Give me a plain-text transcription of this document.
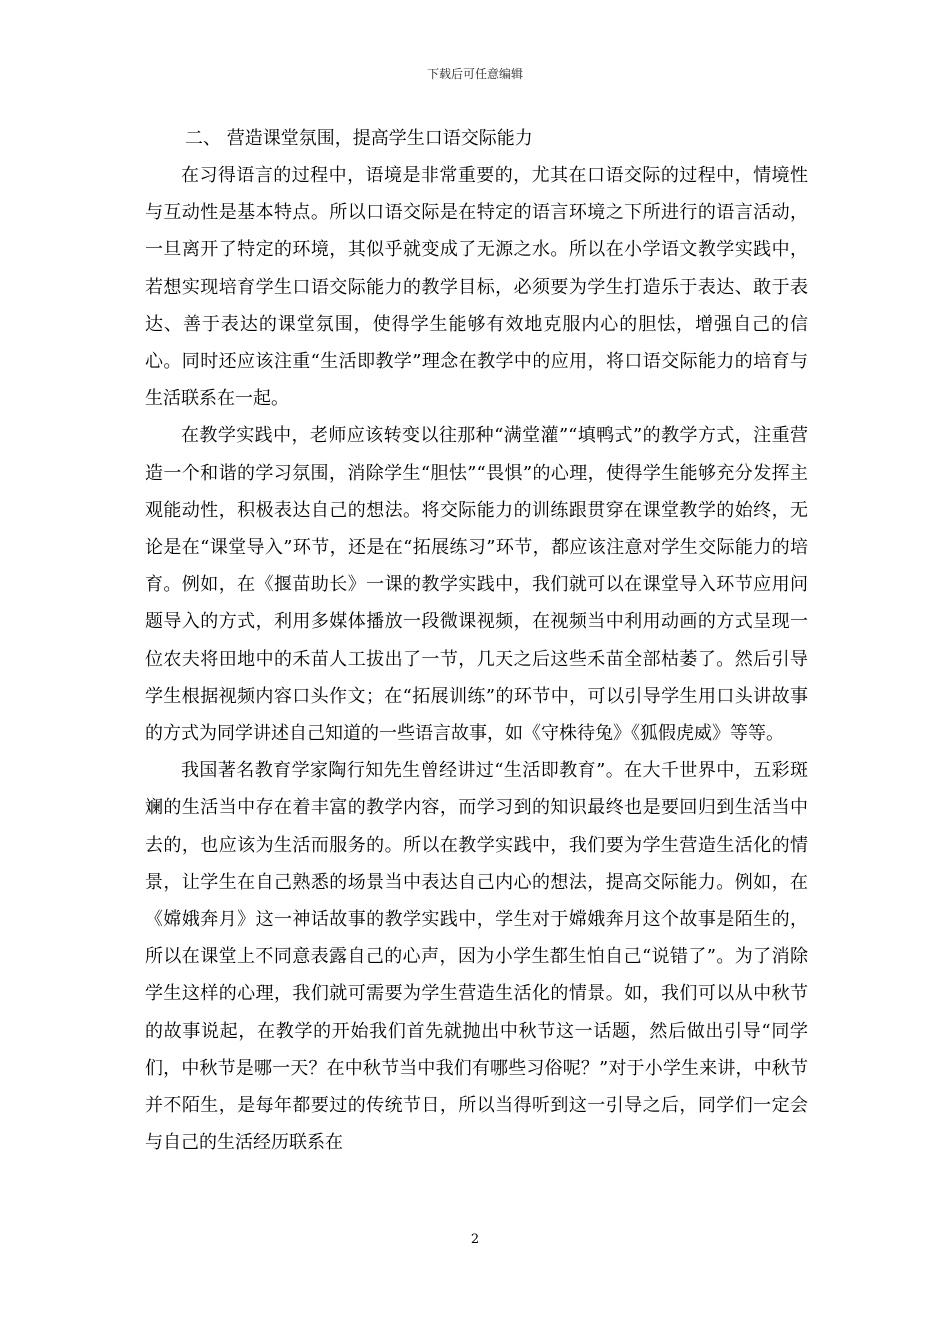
下载后可任意编辑
二、 营造课堂氛围，提高学生口语交际能力

在习得语言的过程中，语境是非常重要的，尤其在口语交际的过程中，情境性与互动性是基本特点。所以口语交际是在特定的语言环境之下所进行的语言活动，一旦离开了特定的环境，其似乎就变成了无源之水。所以在小学语文教学实践中，若想实现培育学生口语交际能力的教学目标，必须要为学生打造乐于表达、敢于表达、善于表达的课堂氛围，使得学生能够有效地克服内心的胆怯，增强自己的信心。同时还应该注重“生活即教学”理念在教学中的应用，将口语交际能力的培育与生活联系在一起。

在教学实践中，老师应该转变以往那种“满堂灌”“填鸭式”的教学方式，注重营造一个和谐的学习氛围，消除学生“胆怯”“畏惧”的心理，使得学生能够充分发挥主观能动性，积极表达自己的想法。将交际能力的训练跟贯穿在课堂教学的始终，无论是在“课堂导入”环节，还是在“拓展练习”环节，都应该注意对学生交际能力的培育。例如，在《揠苗助长》一课的教学实践中，我们就可以在课堂导入环节应用问题导入的方式，利用多媒体播放一段微课视频，在视频当中利用动画的方式呈现一位农夫将田地中的禾苗人工拔出了一节，几天之后这些禾苗全部枯萎了。然后引导学生根据视频内容口头作文；在“拓展训练”的环节中，可以引导学生用口头讲故事的方式为同学讲述自己知道的一些语言故事，如《守株待兔》《狐假虎威》等等。

我国著名教育学家陶行知先生曾经讲过“生活即教育”。在大千世界中，五彩斑斓的生活当中存在着丰富的教学内容，而学习到的知识最终也是要回归到生活当中去的，也应该为生活而服务的。所以在教学实践中，我们要为学生营造生活化的情景，让学生在自己熟悉的场景当中表达自己内心的想法，提高交际能力。例如，在《嫦娥奔月》这一神话故事的教学实践中，学生对于嫦娥奔月这个故事是陌生的，所以在课堂上不同意表露自己的心声，因为小学生都生怕自己“说错了”。为了消除学生这样的心理，我们就可需要为学生营造生活化的情景。如，我们可以从中秋节的故事说起，在教学的开始我们首先就抛出中秋节这一话题，然后做出引导“同学们，中秋节是哪一天？在中秋节当中我们有哪些习俗呢？”对于小学生来讲，中秋节并不陌生，是每年都要过的传统节日，所以当得听到这一引导之后，同学们一定会与自己的生活经历联系在

2
